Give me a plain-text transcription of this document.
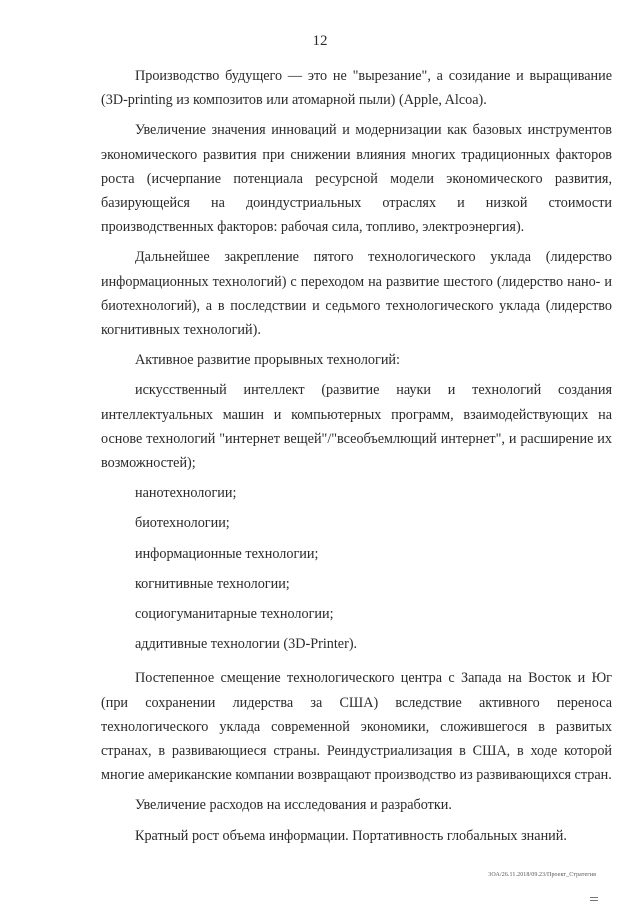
12

Производство будущего — это не "вырезание", а созидание и выращивание (3D-printing из композитов или атомарной пыли) (Apple, Alcoa).

Увеличение значения инноваций и модернизации как базовых инструментов экономического развития при снижении влияния многих традиционных факторов роста (исчерпание потенциала ресурсной модели экономического развития, базирующейся на доиндустриальных отраслях и низкой стоимости производственных факторов: рабочая сила, топливо, электроэнергия).

Дальнейшее закрепление пятого технологического уклада (лидерство информационных технологий) с переходом на развитие шестого (лидерство нано- и биотехнологий), а в последствии и седьмого технологического уклада (лидерство когнитивных технологий).

Активное развитие прорывных технологий:

искусственный интеллект (развитие науки и технологий создания интеллектуальных машин и компьютерных программ, взаимодействующих на основе технологий "интернет вещей"/"всеобъемлющий интернет", и расширение их возможностей);

нанотехнологии;

биотехнологии;

информационные технологии;

когнитивные технологии;

социогуманитарные технологии;

аддитивные технологии (3D-Printer).

Постепенное смещение технологического центра с Запада на Восток и Юг (при сохранении лидерства за США) вследствие активного переноса технологического уклада современной экономики, сложившегося в развитых странах, в развивающиеся страны. Реиндустриализация в США, в ходе которой многие американские компании возвращают производство из развивающихся стран.

Увеличение расходов на исследования и разработки.

Кратный рост объема информации. Портативность глобальных знаний.

3ОА/26.11.2018/09.23/Проект_Стратегия
